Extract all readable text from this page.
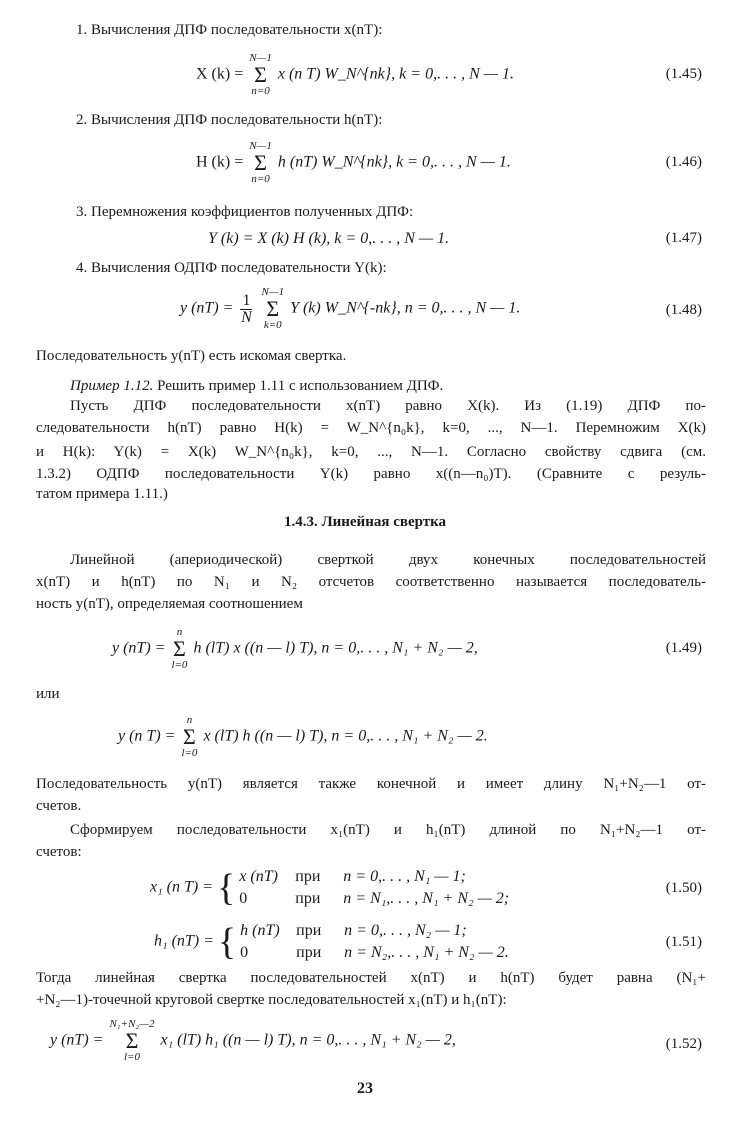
1. Вычисления ДПФ последовательности x(nT):
X (k) =
N—1
Σ
n=0
x (n T) W_N^{nk}, k = 0,. . . , N — 1.	(1.45)
2. Вычисления ДПФ последовательности h(nT):
H (k) =
N—1
Σ
n=0
h (nT) W_N^{nk}, k = 0,. . . , N — 1.	(1.46)
3. Перемножения коэффициентов полученных ДПФ:
Y (k) = X (k) H (k), k = 0,. . . , N — 1.	(1.47)
4. Вычисления ОДПФ последовательности Y(k):
y $(nT) = \frac{1}{N}$

N—1
Σ
k=0
Y (k) W_N^{-nk}, n = 0,. . . , N — 1.	(1.48)
Последовательность y(nT) есть искомая свертка.
Пример 1.12. Решить пример 1.11 с использованием ДПФ.
Пусть ДПФ последовательности x(nT) равно X(k). Из (1.19) ДПФ по-
следовательности h(nT) равно H(k) = W_N^{n₀k}, k=0, ..., N—1. Перемножим X(k)
и H(k): Y(k) = X(k) W_N^{n₀k}, k=0, ..., N—1. Согласно свойству сдвига (см.
1.3.2) ОДПФ последовательности Y(k) равно x((n—n₀)T). (Сравните с резуль-
татом примера 1.11.)
1.4.3. Линейная свертка
Линейной (апериодической) сверткой двух конечных последовательностей
x(nT) и h(nT) по N₁ и N₂ отсчетов соответственно называется последователь-
ность y(nT), определяемая соотношением
y (nT) =
n
Σ
l=0
h (lT) x ((n — l) T), n = 0,. . . , N₁ + N₂ — 2,	(1.49)
или
y (n T) =
n
Σ
l=0
x (lT) h ((n — l) T), n = 0,. . . , N₁ + N₂ — 2.
Последовательность y(nT) является также конечной и имеет длину N₁+N₂—1 от-
счетов.
Сформируем последовательности x₁(nT) и h₁(nT) длиной по N₁+N₂—1 от-
счетов:
x₁ (n T) = { x (nT) при n = 0,. . . , N₁ — 1;
0	при n = N₁,. . . , N₁ + N₂ — 2;
(1.50)
h₁ (nT) = { h (nT) при n = 0,. . . , N₂ — 1;
0	при n = N₂,. . . , N₁ + N₂ — 2.
(1.51)
Тогда линейная свертка последовательностей x(nT) и h(nT) будет равна (N₁+
+N₂—1)-точечной круговой свертке последовательностей x₁(nT) и h₁(nT):
y (nT) =
N₁+N₂—2
Σ
l=0
x₁ (lT) h₁ ((n — l) T), n = 0,. . . , N₁ + N₂ — 2,	(1.52)
23
